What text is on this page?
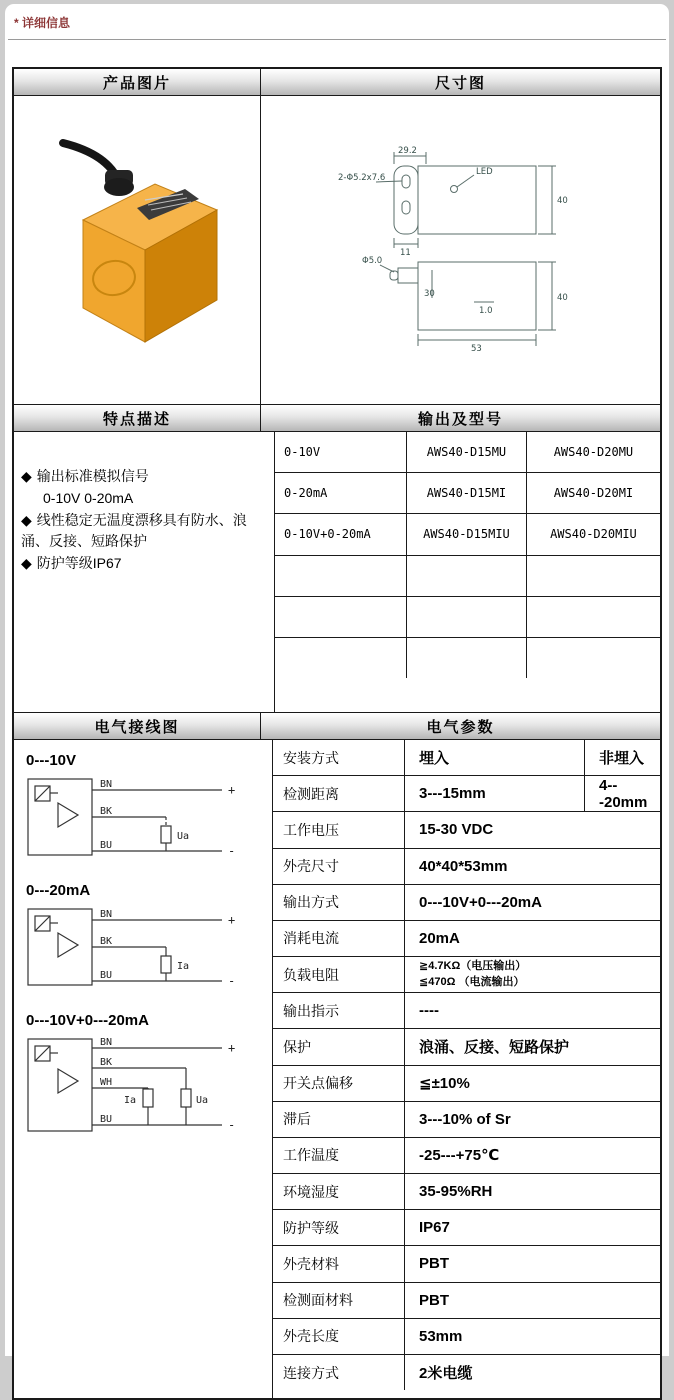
* 详细信息
产品图片	尺寸图
29.2
2-Φ5.2x7.6
LED
40
11
Φ5.0
30
1.0
53
40
特点描述	输出及型号
◆ 输出标准模拟信号
0-10V 0-20mA
◆ 线性稳定无温度漂移具有防水、浪涌、反接、短路保护
◆ 防护等级IP67
0-10V	AWS40-D15MU	AWS40-D20MU
0-20mA	AWS40-D15MI	AWS40-D20MI
0-10V+0-20mA	AWS40-D15MIU	AWS40-D20MIU
电气接线图	电气参数
0---10V
BN
BK
BU
Ua
+
-
0---20mA
BN
BK
BU
Ia
+
-
0---10V+0---20mA
BN
BK
WH
BU
Ia	Ua
+
-
安装方式	埋入	非埋入
检测距离	3---15mm	4---20mm
工作电压	15-30 VDC
外壳尺寸	40*40*53mm
输出方式	0---10V+0---20mA
消耗电流	20mA
负载电阻
≧4.7KΩ（电压输出）
≦470Ω （电流输出）
输出指示	----
保护	浪涌、反接、短路保护
开关点偏移	≦±10%
滞后	3---10% of Sr
工作温度	-25---+75℃
环境湿度	35-95%RH
防护等级	IP67
外壳材料	PBT
检测面材料	PBT
外壳长度	53mm
连接方式	2米电缆
